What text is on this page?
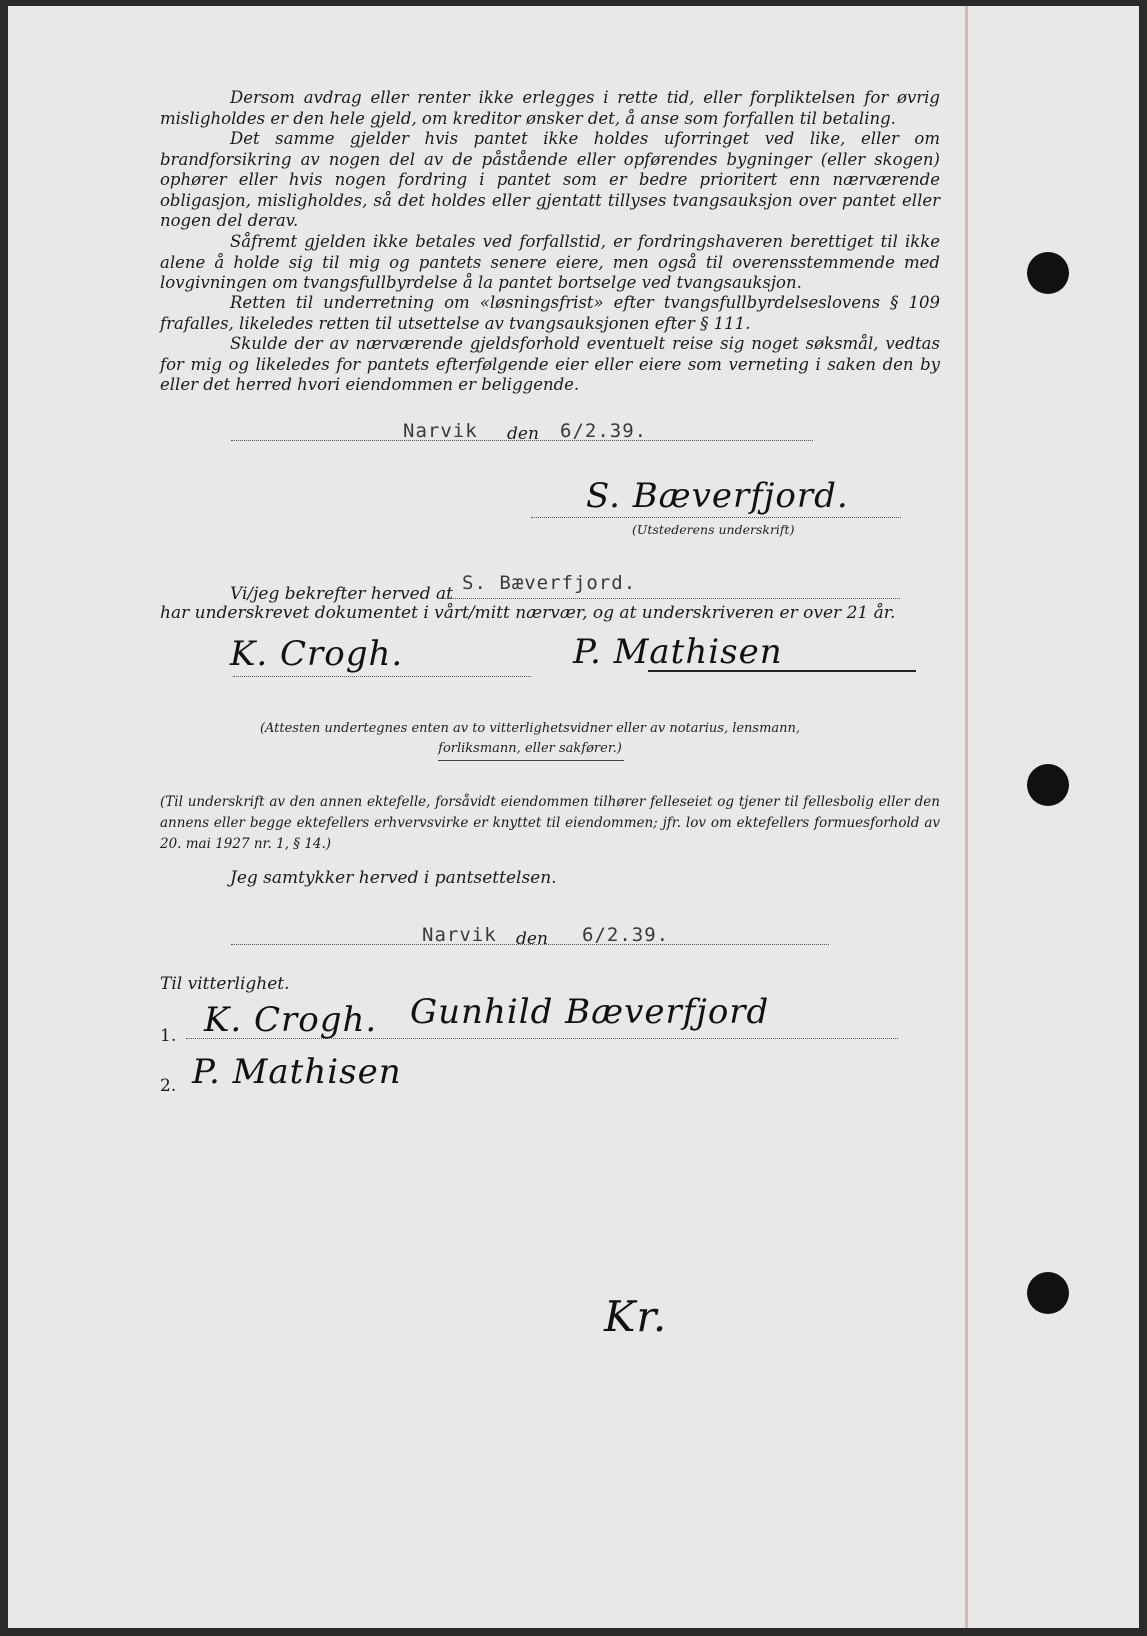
Dersom avdrag eller renter ikke erlegges i rette tid, eller forpliktelsen for øvrig misligholdes er den hele gjeld, om kreditor ønsker det, å anse som forfallen til betaling.

Det samme gjelder hvis pantet ikke holdes uforringet ved like, eller om brandforsikring av nogen del av de påstående eller opførendes bygninger (eller skogen) ophører eller hvis nogen fordring i pantet som er bedre prioritert enn nærværende obligasjon, misligholdes, så det holdes eller gjentatt tillyses tvangsauksjon over pantet eller nogen del derav.

Såfremt gjelden ikke betales ved forfallstid, er fordringshaveren berettiget til ikke alene å holde sig til mig og pantets senere eiere, men også til overensstemmende med lovgivningen om tvangsfullbyrdelse å la pantet bortselge ved tvangsauksjon.

Retten til underretning om «løsningsfrist» efter tvangsfullbyrdelseslovens § 109 frafalles, likeledes retten til utsettelse av tvangsauksjonen efter § 111.

Skulde der av nærværende gjeldsforhold eventuelt reise sig noget søksmål, vedtas for mig og likeledes for pantets efterfølgende eier eller eiere som verneting i saken den by eller det herred hvori eiendommen er beliggende.

Narvik den 6/2.39.
S. Bæverfjord.
(Utstederens underskrift)
Vi/jeg bekrefter herved at S. Bæverfjord.
har underskrevet dokumentet i vårt/mitt nærvær, og at underskriveren er over 21 år.
K. Crogh.	P. Mathisen

(Attesten undertegnes enten av to vitterlighetsvidner eller av notarius, lensmann, forliksmann, eller sakfører.)

(Til underskrift av den annen ektefelle, forsåvidt eiendommen tilhører felleseiet og tjener til fellesbolig eller den annens eller begge ektefellers erhvervsvirke er knyttet til eiendommen; jfr. lov om ektefellers formuesforhold av 20. mai 1927 nr. 1, § 14.)

Jeg samtykker herved i pantsettelsen.
Narvik den 6/2.39.
Til vitterlighet.
1. K. Crogh. Gunhild Bæverfjord
2. P. Mathisen
Kr.
